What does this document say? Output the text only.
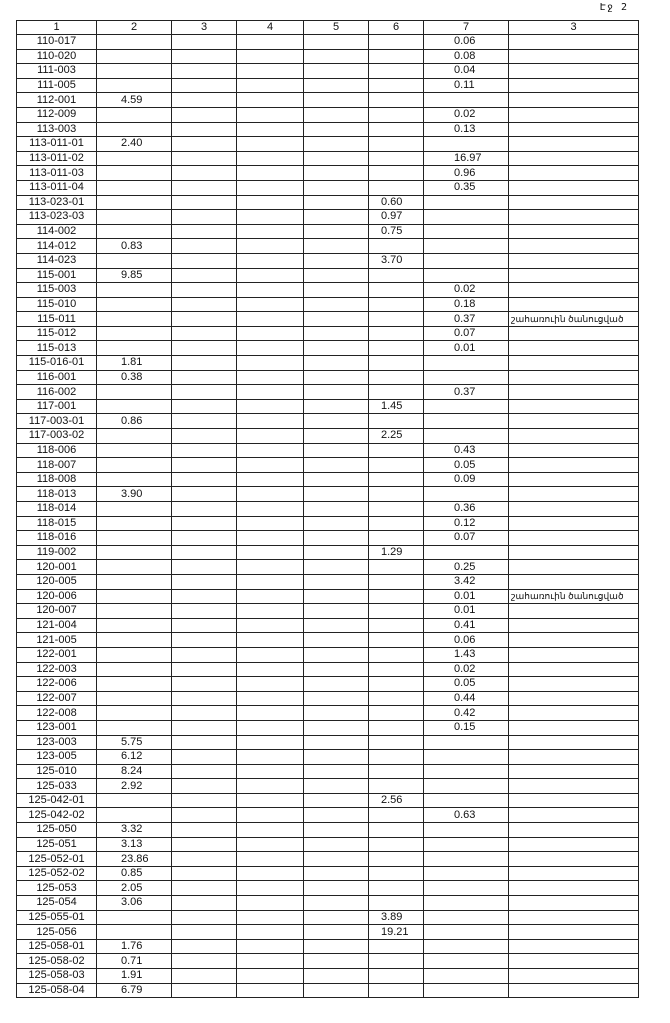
Էջ 2
1	2	3	4	5	6	7	3
110-017						0.06	
110-020						0.08	
111-003						0.04	
111-005						0.11	
112-001	4.59						
112-009						0.02	
113-003						0.13	
113-011-01	2.40						
113-011-02						16.97	
113-011-03						0.96	
113-011-04						0.35	
113-023-01					0.60		
113-023-03					0.97		
114-002					0.75		
114-012	0.83						
114-023					3.70		
115-001	9.85						
115-003						0.02	
115-010						0.18	
115-011						0.37	շահառուին ծանուցված
115-012						0.07	
115-013						0.01	
115-016-01	1.81						
116-001	0.38						
116-002						0.37	
117-001					1.45		
117-003-01	0.86						
117-003-02					2.25		
118-006						0.43	
118-007						0.05	
118-008						0.09	
118-013	3.90						
118-014						0.36	
118-015						0.12	
118-016						0.07	
119-002					1.29		
120-001						0.25	
120-005						3.42	
120-006						0.01	շահառուին ծանուցված
120-007						0.01	
121-004						0.41	
121-005						0.06	
122-001						1.43	
122-003						0.02	
122-006						0.05	
122-007						0.44	
122-008						0.42	
123-001						0.15	
123-003	5.75						
123-005	6.12						
125-010	8.24						
125-033	2.92						
125-042-01					2.56		
125-042-02						0.63	
125-050	3.32						
125-051	3.13						
125-052-01	23.86						
125-052-02	0.85						
125-053	2.05						
125-054	3.06						
125-055-01					3.89		
125-056					19.21		
125-058-01	1.76						
125-058-02	0.71						
125-058-03	1.91						
125-058-04	6.79						
